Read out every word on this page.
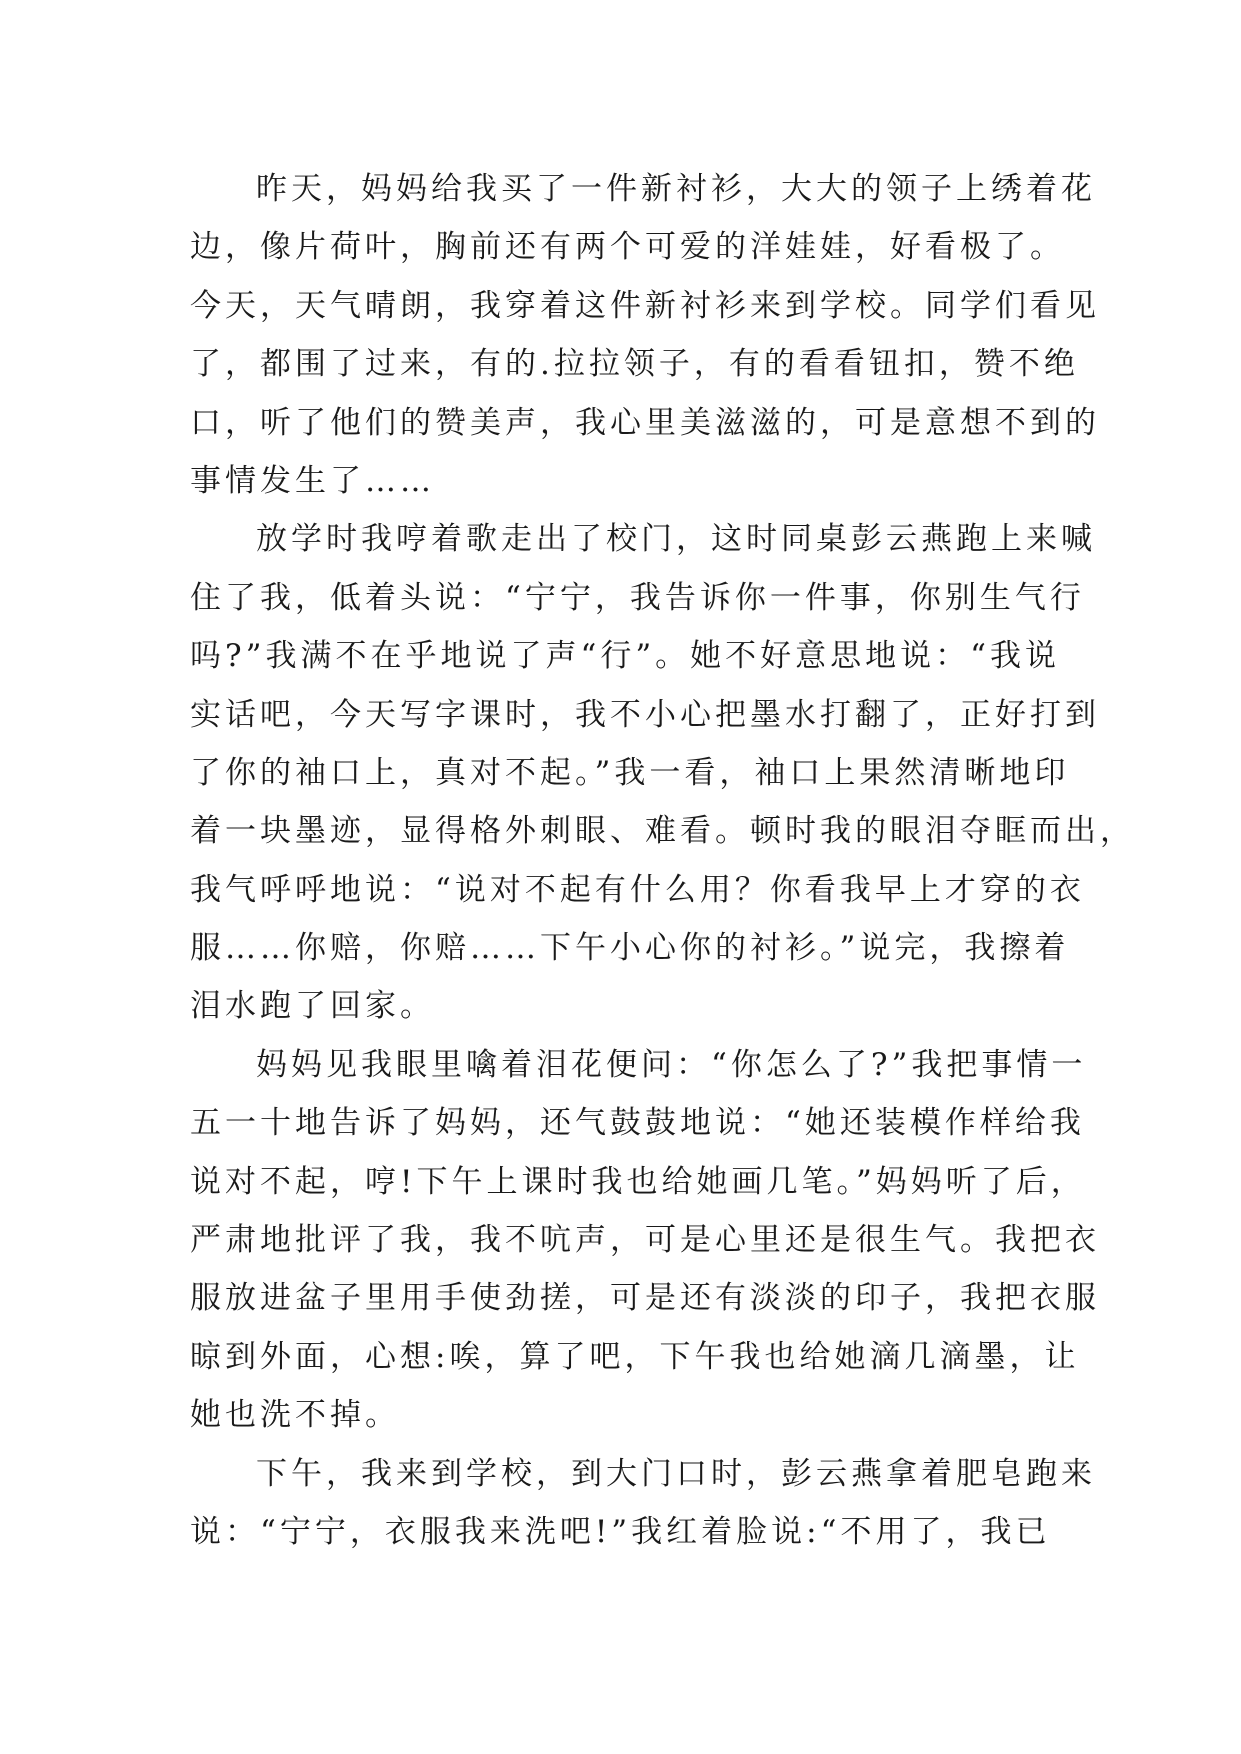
昨天，妈妈给我买了一件新衬衫，大大的领子上绣着花
边，像片荷叶，胸前还有两个可爱的洋娃娃，好看极了。
今天，天气晴朗，我穿着这件新衬衫来到学校。同学们看见
了，都围了过来，有的.拉拉领子，有的看看钮扣，赞不绝
口，听了他们的赞美声，我心里美滋滋的，可是意想不到的
事情发生了……
放学时我哼着歌走出了校门，这时同桌彭云燕跑上来喊
住了我，低着头说：“宁宁，我告诉你一件事，你别生气行
吗?”我满不在乎地说了声“行”。她不好意思地说：“我说
实话吧，今天写字课时，我不小心把墨水打翻了，正好打到
了你的袖口上，真对不起。”我一看，袖口上果然清晰地印
着一块墨迹，显得格外刺眼、难看。顿时我的眼泪夺眶而出，
我气呼呼地说：“说对不起有什么用？你看我早上才穿的衣
服……你赔，你赔……下午小心你的衬衫。”说完，我擦着
泪水跑了回家。
妈妈见我眼里噙着泪花便问：“你怎么了?”我把事情一
五一十地告诉了妈妈，还气鼓鼓地说：“她还装模作样给我
说对不起，哼!下午上课时我也给她画几笔。”妈妈听了后，
严肃地批评了我，我不吭声，可是心里还是很生气。我把衣
服放进盆子里用手使劲搓，可是还有淡淡的印子，我把衣服
晾到外面，心想:唉，算了吧，下午我也给她滴几滴墨，让
她也洗不掉。
下午，我来到学校，到大门口时，彭云燕拿着肥皂跑来
说：“宁宁，衣服我来洗吧!”我红着脸说:“不用了，我已
